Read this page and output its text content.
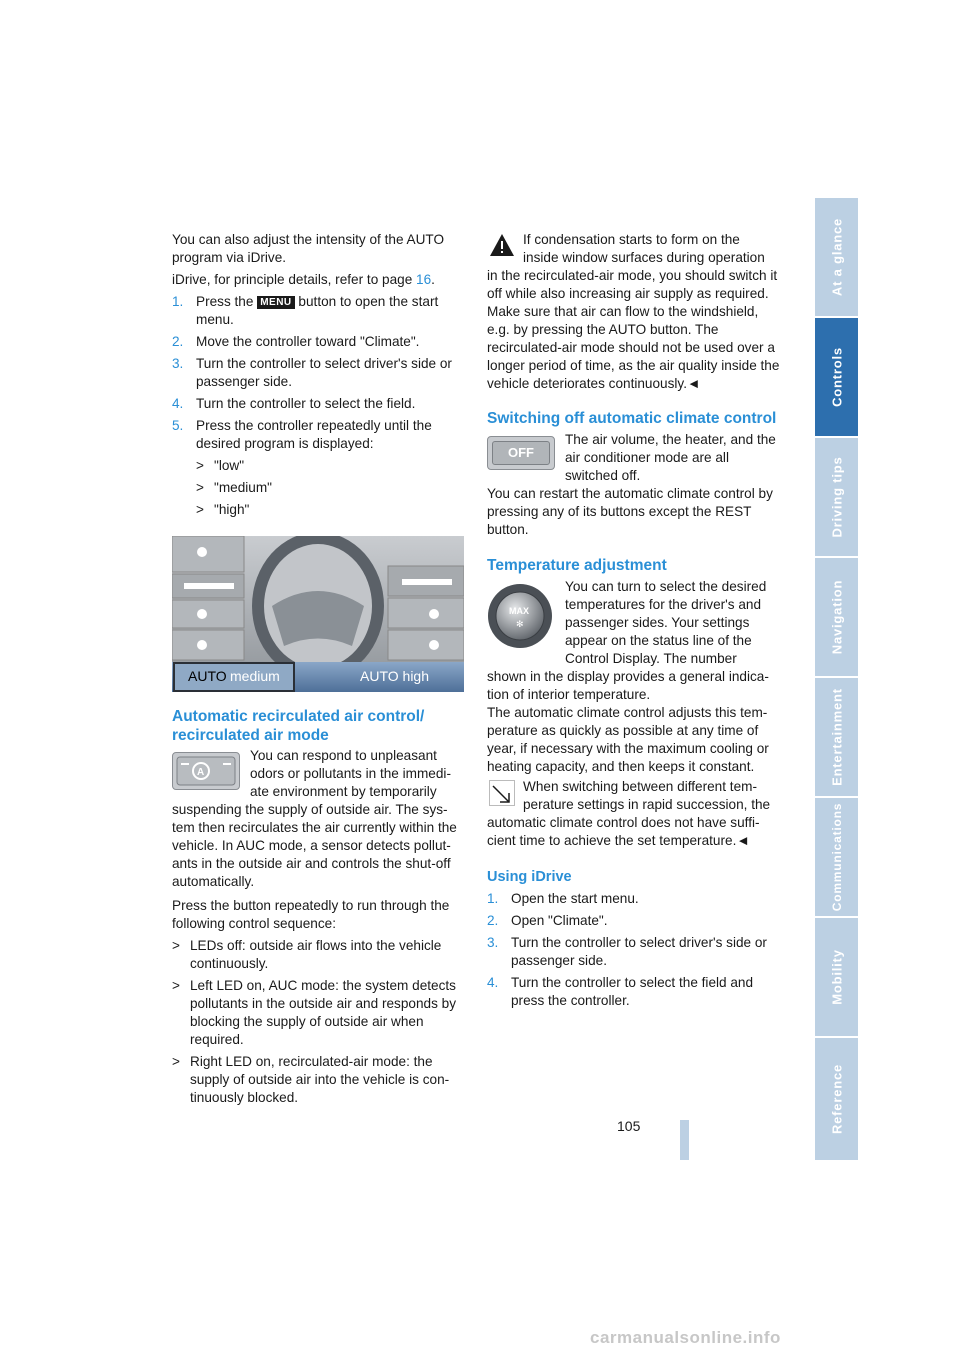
You can also adjust the intensity of the AUTO program via iDrive.

iDrive, for principle details, refer to page 16.

1. Press the MENU button to open the start menu.
2. Move the controller toward "Climate".
3. Turn the controller to select driver's side or passenger side.
4. Turn the controller to select the field.
5. Press the controller repeatedly until the desired program is displayed:
> "low"
> "medium"
> "high"
AUTO medium	AUTO high
Automatic recirculated air control/
recirculated air mode
A
You can respond to unpleasant
odors or pollutants in the immedi-
ate environment by temporarily

suspending the supply of outside air. The sys-tem then recirculates the air currently within the vehicle. In AUC mode, a sensor detects pollut-ants in the outside air and controls the shut-off automatically.

Press the button repeatedly to run through the following control sequence:

> LEDs off: outside air flows into the vehicle continuously.
> Left LED on, AUC mode: the system detects pollutants in the outside air and responds by blocking the supply of outside air when required.
> Right LED on, recirculated-air mode: the supply of outside air into the vehicle is con-tinuously blocked.
If condensation starts to form on the
inside window surfaces during operation

in the recirculated-air mode, you should switch it off while also increasing air supply as required. Make sure that air can flow to the windshield, e.g. by pressing the AUTO button. The recirculated-air mode should not be used over a longer period of time, as the air quality inside the vehicle deteriorates continuously.◄

Switching off automatic climate control
OFF
The air volume, the heater, and the
air conditioner mode are all
switched off.

You can restart the automatic climate control by pressing any of its buttons except the REST button.

Temperature adjustment
MAX
✻
You can turn to select the desired
temperatures for the driver's and
passenger sides. Your settings
appear on the status line of the
Control Display. The number

shown in the display provides a general indica-tion of interior temperature.

The automatic climate control adjusts this tem-perature as quickly as possible at any time of year, if necessary with the maximum cooling or heating capacity, and then keeps it constant.

When switching between different tem-
perature settings in rapid succession, the

automatic climate control does not have suffi-cient time to achieve the set temperature.◄

Using iDrive
1. Open the start menu.
2. Open "Climate".
3. Turn the controller to select driver's side or passenger side.
4. Turn the controller to select the field and press the controller.
At a glance
Controls
Driving tips
Navigation
Entertainment
Communications
Mobility
Reference
105
carmanualsonline.info
